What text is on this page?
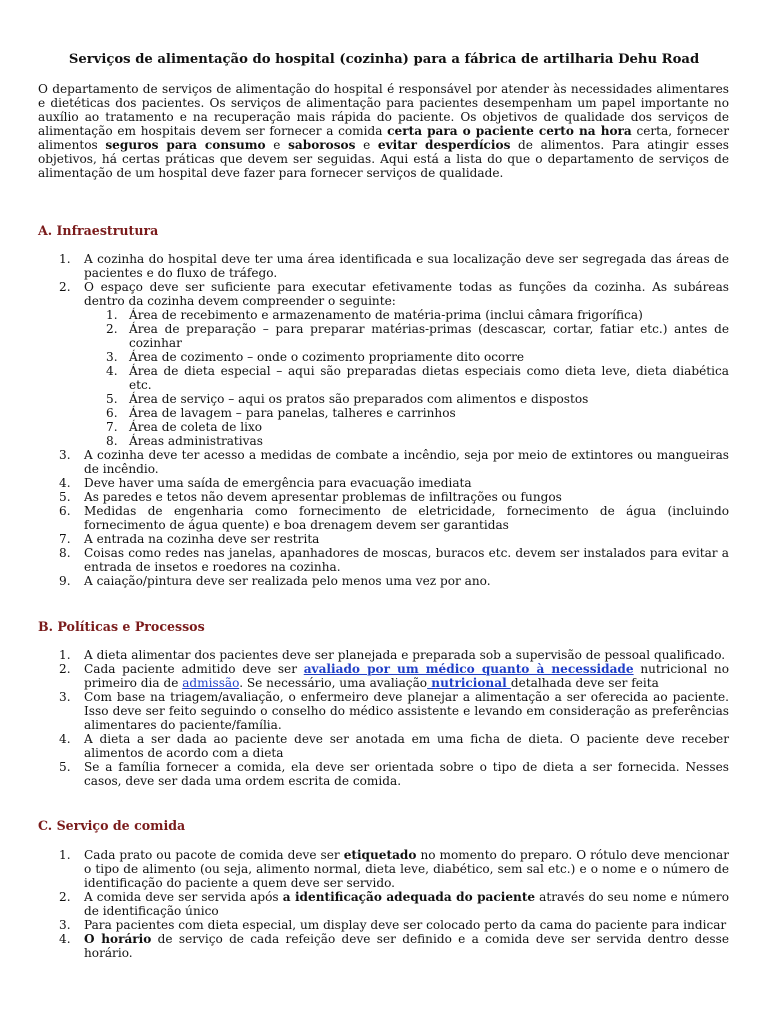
Serviços de alimentação do hospital (cozinha) para a fábrica de artilharia Dehu Road

O departamento de serviços de alimentação do hospital é responsável por atender às necessidades alimentares e dietéticas dos pacientes. Os serviços de alimentação para pacientes desempenham um papel importante no auxílio ao tratamento e na recuperação mais rápida do paciente. Os objetivos de qualidade dos serviços de alimentação em hospitais devem ser fornecer a comida certa para o paciente certo na hora certa, fornecer alimentos seguros para consumo e saborosos e evitar desperdícios de alimentos. Para atingir esses objetivos, há certas práticas que devem ser seguidas. Aqui está a lista do que o departamento de serviços de alimentação de um hospital deve fazer para fornecer serviços de qualidade.

A. Infraestrutura
1.	A cozinha do hospital deve ter uma área identificada e sua localização deve ser segregada das áreas de pacientes e do fluxo de tráfego.
2.	O espaço deve ser suficiente para executar efetivamente todas as funções da cozinha. As subáreas dentro da cozinha devem compreender o seguinte:
1. Área de recebimento e armazenamento de matéria-prima (inclui câmara frigorífica)
2. Área de preparação – para preparar matérias-primas (descascar, cortar, fatiar etc.) antes de cozinhar
3. Área de cozimento – onde o cozimento propriamente dito ocorre
4. Área de dieta especial – aqui são preparadas dietas especiais como dieta leve, dieta diabética etc.
5. Área de serviço – aqui os pratos são preparados com alimentos e dispostos
6. Área de lavagem – para panelas, talheres e carrinhos
7. Área de coleta de lixo
8. Áreas administrativas
3.	A cozinha deve ter acesso a medidas de combate a incêndio, seja por meio de extintores ou mangueiras de incêndio.
4.	Deve haver uma saída de emergência para evacuação imediata
5.	As paredes e tetos não devem apresentar problemas de infiltrações ou fungos
6.	Medidas de engenharia como fornecimento de eletricidade, fornecimento de água (incluindo fornecimento de água quente) e boa drenagem devem ser garantidas
7.	A entrada na cozinha deve ser restrita
8.	Coisas como redes nas janelas, apanhadores de moscas, buracos etc. devem ser instalados para evitar a entrada de insetos e roedores na cozinha.
9.	A caiação/pintura deve ser realizada pelo menos uma vez por ano.
B. Políticas e Processos
1.	A dieta alimentar dos pacientes deve ser planejada e preparada sob a supervisão de pessoal qualificado.
2.	Cada paciente admitido deve ser avaliado por um médico quanto à necessidade nutricional no primeiro dia de admissão. Se necessário, uma avaliação nutricional detalhada deve ser feita
3.	Com base na triagem/avaliação, o enfermeiro deve planejar a alimentação a ser oferecida ao paciente. Isso deve ser feito seguindo o conselho do médico assistente e levando em consideração as preferências alimentares do paciente/família.
4.	A dieta a ser dada ao paciente deve ser anotada em uma ficha de dieta. O paciente deve receber alimentos de acordo com a dieta
5.	Se a família fornecer a comida, ela deve ser orientada sobre o tipo de dieta a ser fornecida. Nesses casos, deve ser dada uma ordem escrita de comida.
C. Serviço de comida
1.	Cada prato ou pacote de comida deve ser etiquetado no momento do preparo. O rótulo deve mencionar o tipo de alimento (ou seja, alimento normal, dieta leve, diabético, sem sal etc.) e o nome e o número de identificação do paciente a quem deve ser servido.
2.	A comida deve ser servida após a identificação adequada do paciente através do seu nome e número de identificação único
3.	Para pacientes com dieta especial, um display deve ser colocado perto da cama do paciente para indicar
4.	O horário de serviço de cada refeição deve ser definido e a comida deve ser servida dentro desse horário.
